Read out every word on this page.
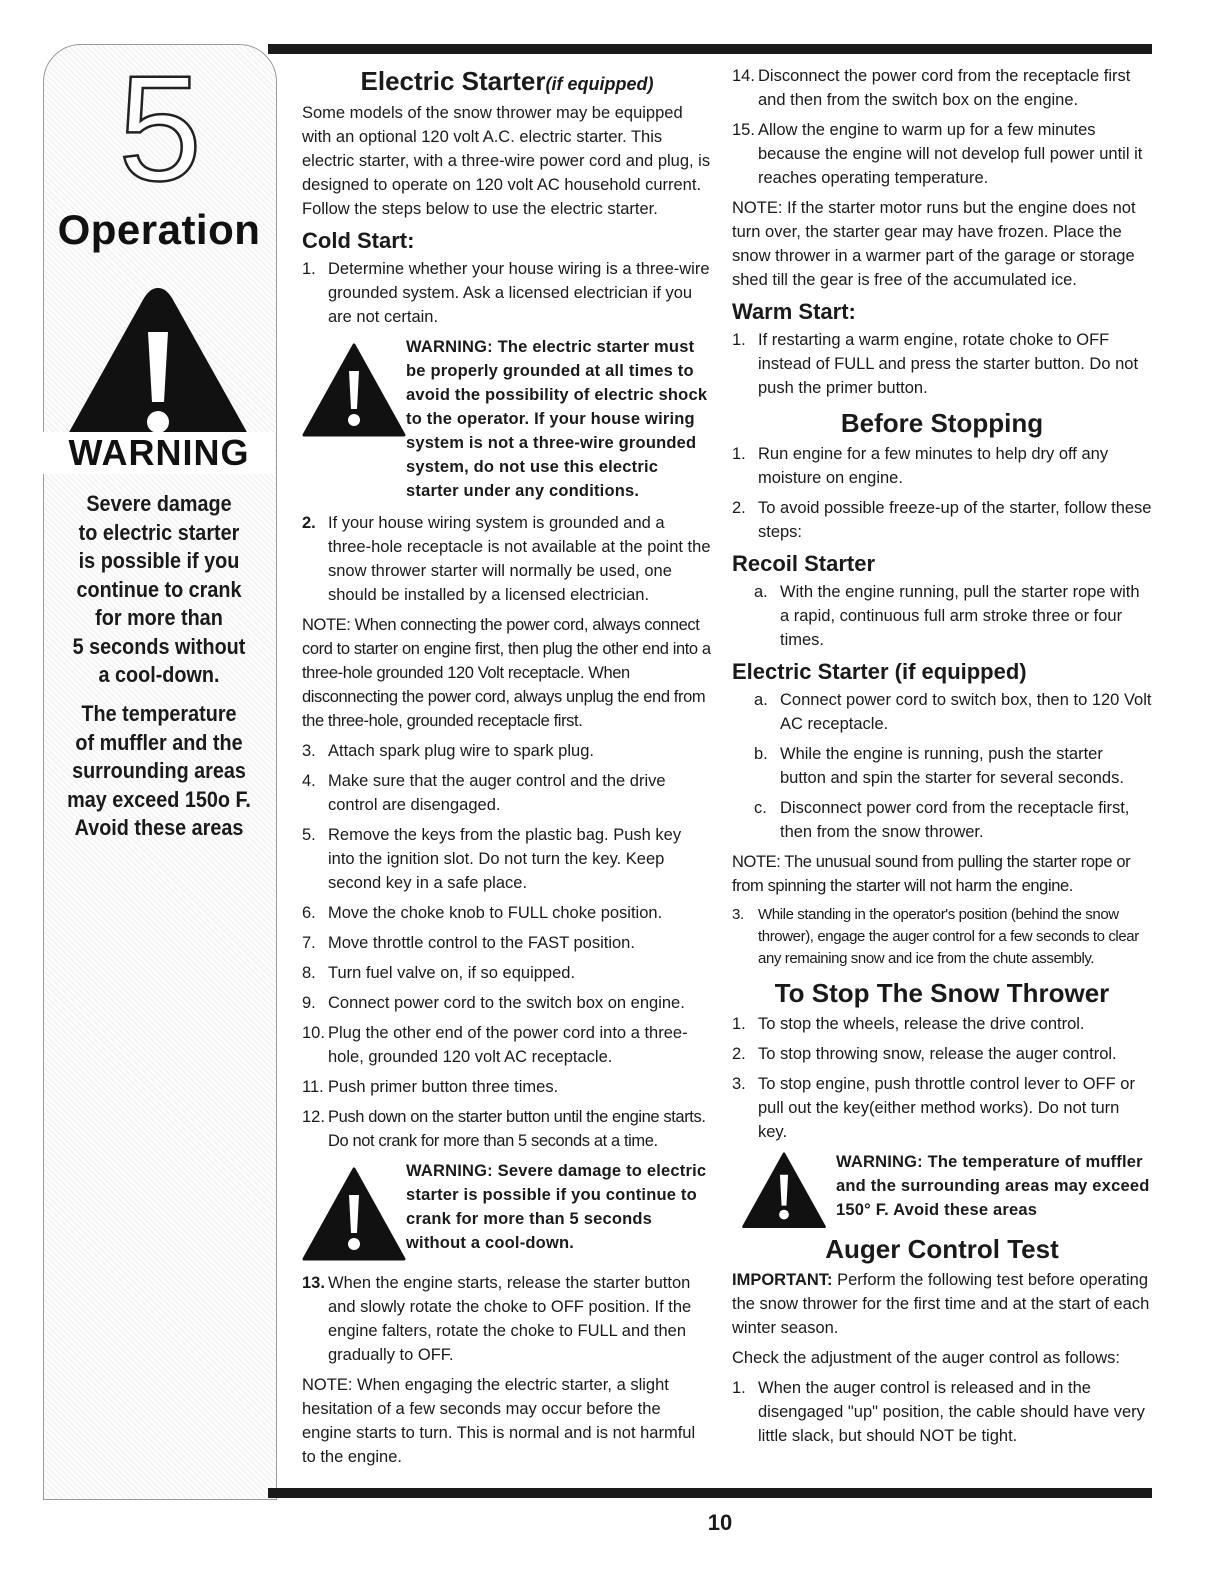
5
Operation
WARNING
Severe damage
to electric starter
is possible if you
continue to crank
for more than
5 seconds without
a cool-down.
The temperature
of muffler and the
surrounding areas
may exceed 150o F.
Avoid these areas
Electric Starter(if equipped)

Some models of the snow thrower may be equipped with an optional 120 volt A.C. electric starter. This electric starter, with a three-wire power cord and plug, is designed to operate on 120 volt AC household current. Follow the steps below to use the electric starter.

Cold Start:
1. Determine whether your house wiring is a three-wire grounded system. Ask a licensed electrician if you are not certain.
WARNING: The electric starter must be properly grounded at all times to avoid the possibility of electric shock to the operator. If your house wiring system is not a three-wire grounded system, do not use this electric starter under any conditions.
2. If your house wiring system is grounded and a three-hole receptacle is not available at the point the snow thrower starter will normally be used, one should be installed by a licensed electrician.

NOTE: When connecting the power cord, always connect cord to starter on engine first, then plug the other end into a three-hole grounded 120 Volt receptacle. When disconnecting the power cord, always unplug the end from the three-hole, grounded receptacle first.

3. Attach spark plug wire to spark plug.
4. Make sure that the auger control and the drive control are disengaged.
5. Remove the keys from the plastic bag. Push key into the ignition slot. Do not turn the key. Keep second key in a safe place.
6. Move the choke knob to FULL choke position.
7. Move throttle control to the FAST position.
8. Turn fuel valve on, if so equipped.
9. Connect power cord to the switch box on engine.
10. Plug the other end of the power cord into a three-hole, grounded 120 volt AC receptacle.
11. Push primer button three times.
12. Push down on the starter button until the engine starts. Do not crank for more than 5 seconds at a time.
WARNING: Severe damage to electric starter is possible if you continue to crank for more than 5 seconds without a cool-down.
13. When the engine starts, release the starter button and slowly rotate the choke to OFF position. If the engine falters, rotate the choke to FULL and then gradually to OFF.

NOTE: When engaging the electric starter, a slight hesitation of a few seconds may occur before the engine starts to turn. This is normal and is not harmful to the engine.

14. Disconnect the power cord from the receptacle first and then from the switch box on the engine.
15. Allow the engine to warm up for a few minutes because the engine will not develop full power until it reaches operating temperature.

NOTE: If the starter motor runs but the engine does not turn over, the starter gear may have frozen. Place the snow thrower in a warmer part of the garage or storage shed till the gear is free of the accumulated ice.

Warm Start:
1. If restarting a warm engine, rotate choke to OFF instead of FULL and press the starter button. Do not push the primer button.
Before Stopping
1. Run engine for a few minutes to help dry off any moisture on engine.
2. To avoid possible freeze-up of the starter, follow these steps:
Recoil Starter
a. With the engine running, pull the starter rope with a rapid, continuous full arm stroke three or four times.
Electric Starter (if equipped)
a. Connect power cord to switch box, then to 120 Volt AC receptacle.
b. While the engine is running, push the starter button and spin the starter for several seconds.
c. Disconnect power cord from the receptacle first, then from the snow thrower.

NOTE: The unusual sound from pulling the starter rope or from spinning the starter will not harm the engine.

3. While standing in the operator's position (behind the snow thrower), engage the auger control for a few seconds to clear any remaining snow and ice from the chute assembly.
To Stop The Snow Thrower
1. To stop the wheels, release the drive control.
2. To stop throwing snow, release the auger control.
3. To stop engine, push throttle control lever to OFF or pull out the key(either method works). Do not turn key.
WARNING: The temperature of muffler and the surrounding areas may exceed 150° F. Avoid these areas
Auger Control Test

IMPORTANT: Perform the following test before operating the snow thrower for the first time and at the start of each winter season.

Check the adjustment of the auger control as follows:

1. When the auger control is released and in the disengaged "up" position, the cable should have very little slack, but should NOT be tight.
10
